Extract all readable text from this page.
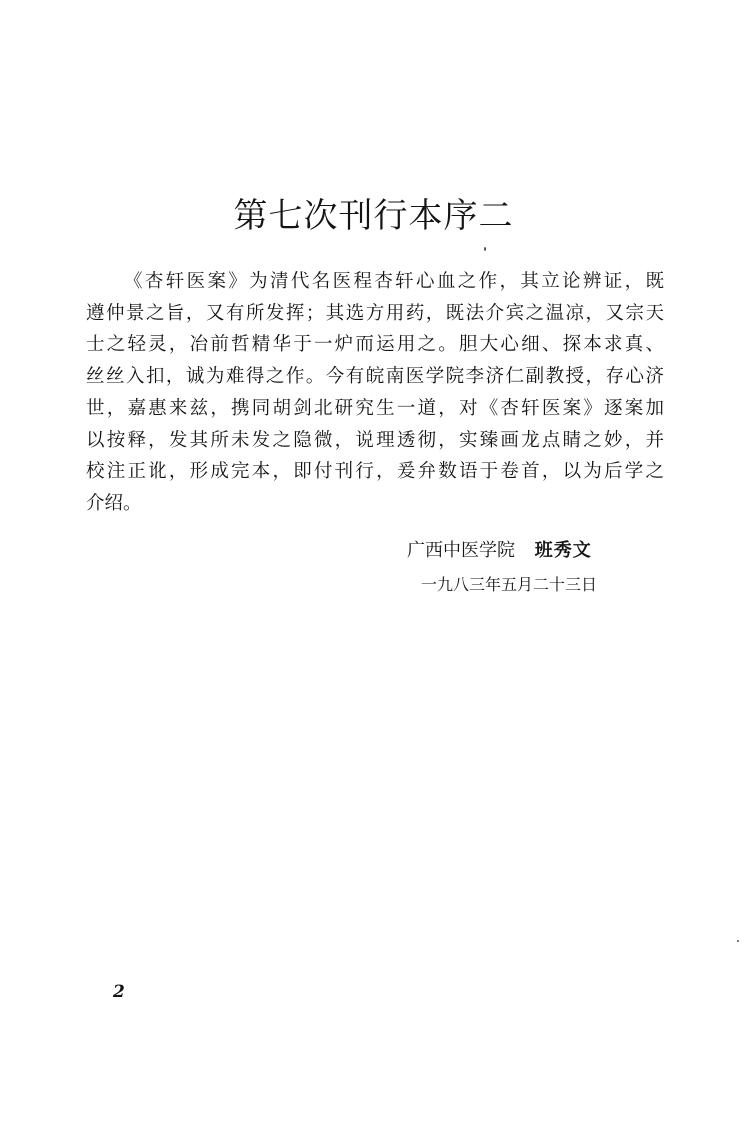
第七次刊行本序二
《杏轩医案》为清代名医程杏轩心血之作，其立论辨证，既
遵仲景之旨，又有所发挥；其选方用药，既法介宾之温凉，又宗天
士之轻灵，冶前哲精华于一炉而运用之。胆大心细、探本求真、
丝丝入扣，诚为难得之作。今有皖南医学院李济仁副教授，存心济
世，嘉惠来兹，携同胡剑北研究生一道，对《杏轩医案》逐案加
以按释，发其所未发之隐微，说理透彻，实臻画龙点睛之妙，并
校注正讹，形成完本，即付刊行，爰弁数语于卷首，以为后学之
介绍。
广西中医学院 班秀文
一九八三年五月二十三日
2
